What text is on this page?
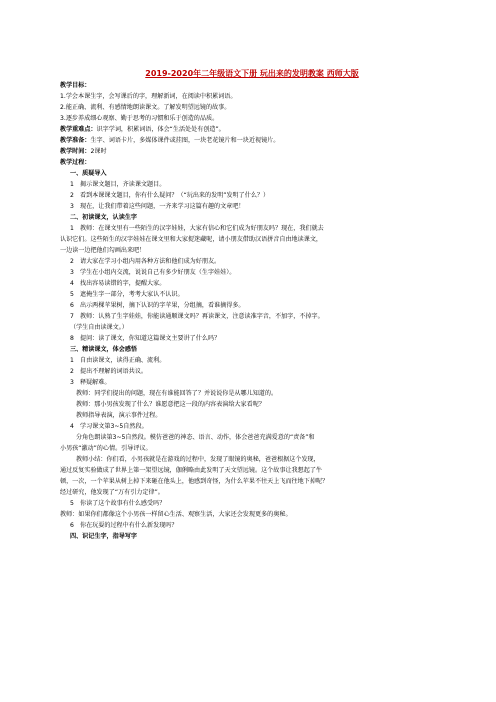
2019-2020年二年级语文下册 玩出来的发明教案 西师大版
教学目标：
1.学会本课生字，会写课后的字，理解新词，在阅读中积累词语。
2.能正确、流利、有感情地朗读课文。了解发明望远镜的故事。
3.逐步养成细心观察、勤于思考的习惯和乐于创造的品质。
教学重难点：识字学词，积累词语，体会“生活处处有创造”。
教学准备：生字、词语卡片，多媒体课件或挂图，一块老花镜片和一块近视镜片。
教学时间：2课时
教学过程：
一、质疑导入
1　揭示课文题目，齐读课文题目。
2　看到本课课文题目，你有什么疑问？（“玩出来的发明”发明了什么？）
3　现在，让我们带着这些问题，一齐来学习这篇有趣的文章吧！
二、初读课文，认读生字
1　教师：在课文里有一些陌生的汉字娃娃，大家有信心和它们成为好朋友吗？现在，我们就去
认识它们。这些陌生的汉字娃娃在课文里和大家捉迷藏呢，请小朋友借助汉语拼音自由地读课文，
一边读一边把他们勾画出来吧！
2　请大家在学习小组内用各种方法和他们成为好朋友。
3　学生在小组内交流，说说自己有多少好朋友（生字娃娃）。
4　找出容易读错的字，提醒大家。
5　遮掩生字一部分，考考大家认不认识。
6　出示两棵苹果树，摘下认识的字苹果，分组摘，看谁摘得多。
7　教师：认熟了生字娃娃，你能读通顺课文吗？再读课文，注意读准字音，不加字，不掉字。
（学生自由读课文。）
8　提问：读了课文，你知道这篇课文主要讲了什么吗？
三、精读课文，体会感悟
1　自由读课文，读得正确、流利。
2　提出不理解的词语共议。
3　释疑解难。
教师：同学们提出的问题，现在有谁能回答了？并说说你是从哪儿知道的。
教师：那小男孩发现了什么？谁愿意把这一段的内容表演给大家看呢？
教师指导表演，演示事件过程。
4　学习课文第3~5自然段。
分角色朗读第3~5自然段。模仿爸爸的神态、语言、动作，体会爸爸充满爱意的“责备”和
小男孩“激动”的心情。引导评议。
教师小结：你们看，小男孩就是在游戏的过程中，发现了眼镜的奥秘，爸爸根据这个发现，
通过反复实验做成了世界上第一架望远镜，伽俐略由此发明了天文望远镜。这个故事让我想起了牛
顿，一次，一个苹果从树上掉下来砸在他头上，他感到奇怪，为什么苹果不往天上飞而往地下掉呢？
经过研究，他发现了“万有引力定律”。
5　你读了这个故事有什么感受吗？
教师：如果你们都像这个小男孩一样留心生活、观察生活，大家还会发现更多的奥秘。
6　你在玩耍的过程中有什么新发现吗？
四、识记生字，指导写字
